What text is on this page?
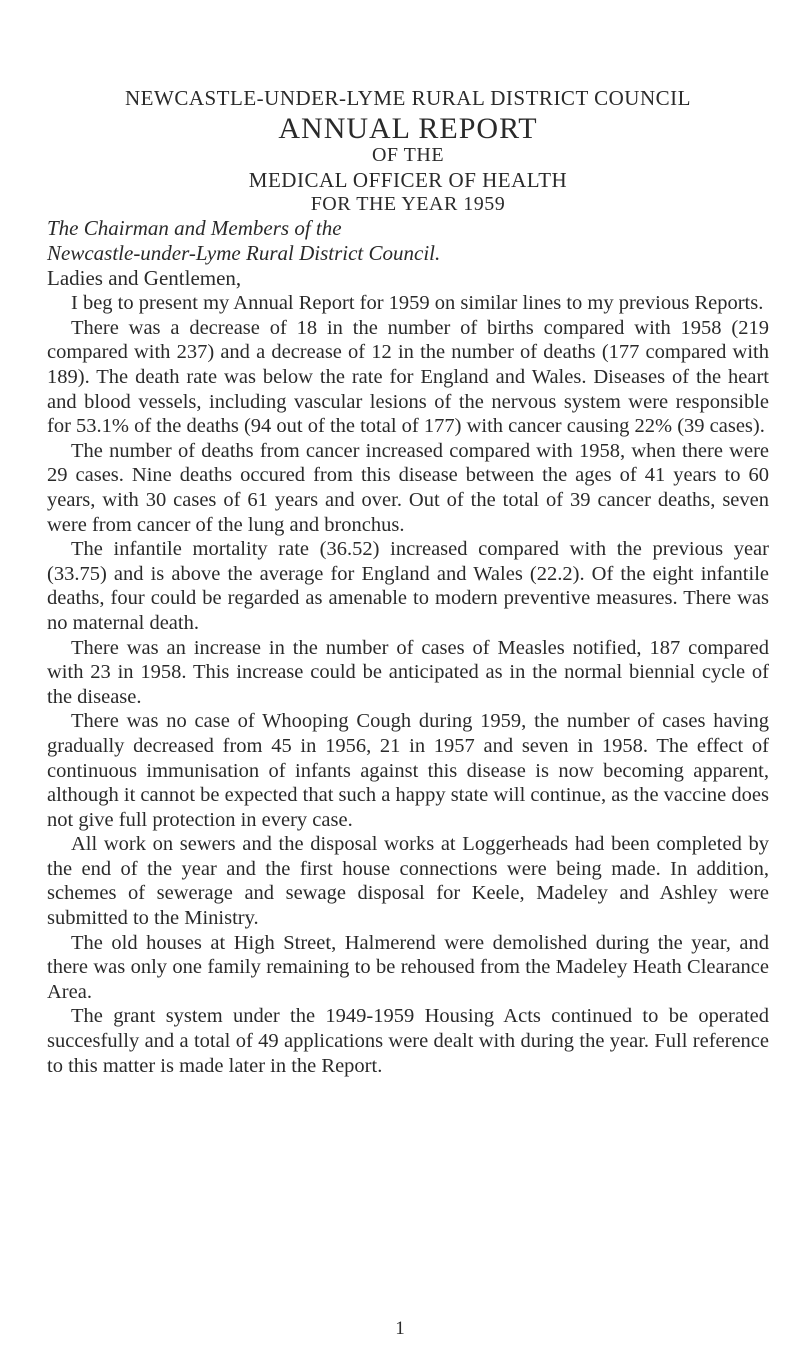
NEWCASTLE-UNDER-LYME RURAL DISTRICT COUNCIL

ANNUAL REPORT

OF THE

MEDICAL OFFICER OF HEALTH

FOR THE YEAR 1959

The Chairman and Members of the

Newcastle-under-Lyme Rural District Council.

Ladies and Gentlemen,

I beg to present my Annual Report for 1959 on similar lines to my previous Reports.

There was a decrease of 18 in the number of births compared with 1958 (219 compared with 237) and a decrease of 12 in the number of deaths (177 compared with 189). The death rate was below the rate for England and Wales. Diseases of the heart and blood vessels, including vascular lesions of the nervous system were responsible for 53.1% of the deaths (94 out of the total of 177) with cancer causing 22% (39 cases).

The number of deaths from cancer increased compared with 1958, when there were 29 cases. Nine deaths occured from this disease between the ages of 41 years to 60 years, with 30 cases of 61 years and over. Out of the total of 39 cancer deaths, seven were from cancer of the lung and bronchus.

The infantile mortality rate (36.52) increased compared with the previous year (33.75) and is above the average for England and Wales (22.2). Of the eight infantile deaths, four could be regarded as amenable to modern preventive measures. There was no maternal death.

There was an increase in the number of cases of Measles notified, 187 compared with 23 in 1958. This increase could be anticipated as in the normal biennial cycle of the disease.

There was no case of Whooping Cough during 1959, the number of cases having gradually decreased from 45 in 1956, 21 in 1957 and seven in 1958. The effect of continuous immunisation of infants against this disease is now becoming apparent, although it cannot be expected that such a happy state will continue, as the vaccine does not give full protection in every case.

All work on sewers and the disposal works at Loggerheads had been completed by the end of the year and the first house connections were being made. In addition, schemes of sewerage and sewage disposal for Keele, Madeley and Ashley were submitted to the Ministry.

The old houses at High Street, Halmerend were demolished during the year, and there was only one family remaining to be rehoused from the Madeley Heath Clearance Area.

The grant system under the 1949-1959 Housing Acts continued to be operated succesfully and a total of 49 applications were dealt with during the year. Full reference to this matter is made later in the Report.

1
